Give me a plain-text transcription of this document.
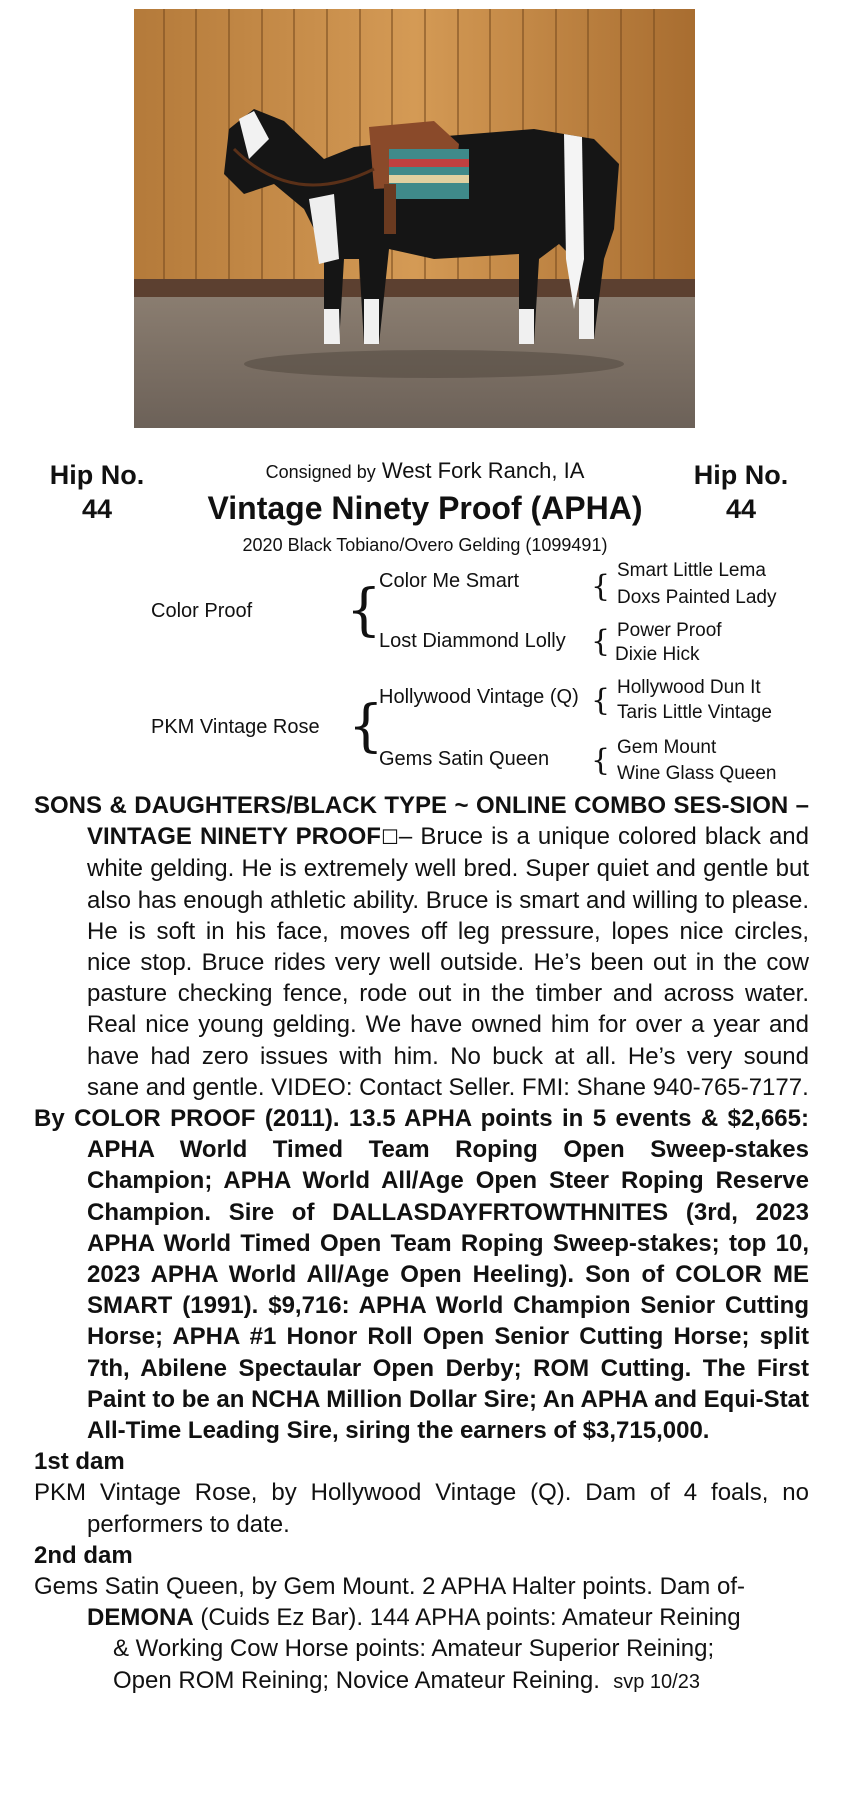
Hip No.
44
Hip No.
44
Consigned by West Fork Ranch, IA
Vintage Ninety Proof (APHA)
2020 Black Tobiano/Overo Gelding (1099491)
Color Proof {
Color Me Smart
Lost Diammond Lolly
{ Smart Little Lema
Doxs Painted Lady
{ Power Proof
Dixie Hick
PKM Vintage Rose {
Hollywood Vintage (Q)
Gems Satin Queen
{ Hollywood Dun It
Taris Little Vintage
{ Gem Mount
Wine Glass Queen

SONS & DAUGHTERS/BLACK TYPE ~ ONLINE COMBO SES-SION – VINTAGE NINETY PROOF☐– Bruce is a unique colored black and white gelding. He is extremely well bred. Super quiet and gentle but also has enough athletic ability. Bruce is smart and willing to please. He is soft in his face, moves off leg pressure, lopes nice circles, nice stop. Bruce rides very well outside. He’s been out in the cow pasture checking fence, rode out in the timber and across water. Real nice young gelding. We have owned him for over a year and have had zero issues with him. No buck at all. He’s very sound sane and gentle. VIDEO: Contact Seller. FMI: Shane 940-765-7177.

By COLOR PROOF (2011). 13.5 APHA points in 5 events & $2,665: APHA World Timed Team Roping Open Sweep-stakes Champion; APHA World All/Age Open Steer Roping Reserve Champion. Sire of DALLASDAYFRTOWTHNITES (3rd, 2023 APHA World Timed Open Team Roping Sweep-stakes; top 10, 2023 APHA World All/Age Open Heeling). Son of COLOR ME SMART (1991). $9,716: APHA World Champion Senior Cutting Horse; APHA #1 Honor Roll Open Senior Cutting Horse; split 7th, Abilene Spectaular Open Derby; ROM Cutting. The First Paint to be an NCHA Million Dollar Sire; An APHA and Equi-Stat All-Time Leading Sire, siring the earners of $3,715,000.

1st dam

PKM Vintage Rose, by Hollywood Vintage (Q). Dam of 4 foals, no performers to date.

2nd dam

Gems Satin Queen, by Gem Mount. 2 APHA Halter points. Dam of-

DEMONA (Cuids Ez Bar). 144 APHA points: Amateur Reining

& Working Cow Horse points: Amateur Superior Reining;

Open ROM Reining; Novice Amateur Reining. svp 10/23
